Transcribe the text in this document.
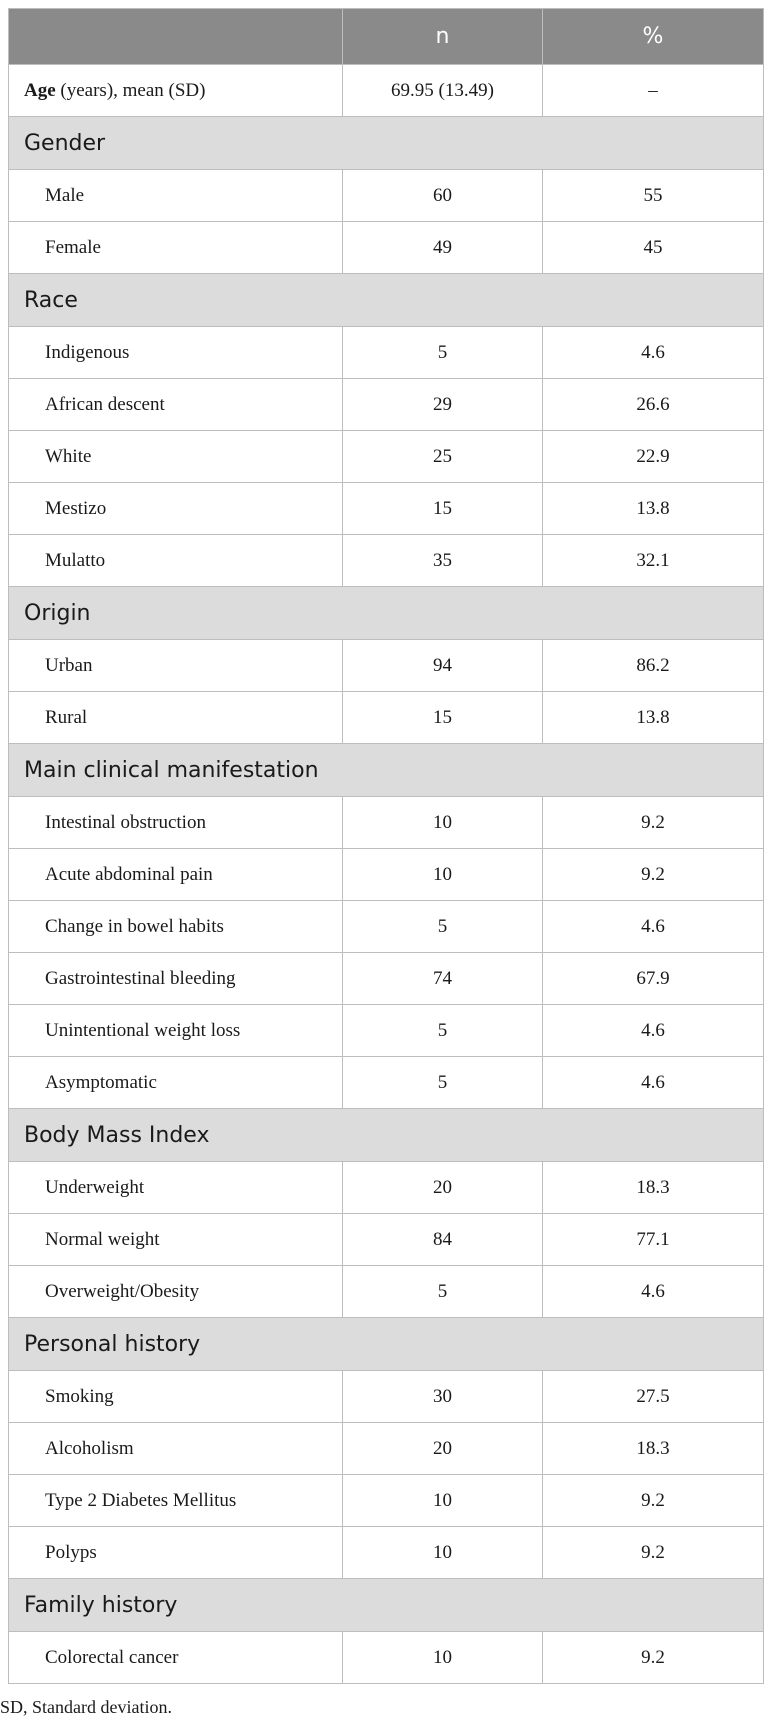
	n	%
Age (years), mean (SD)	69.95 (13.49)	–
Gender		
Male	60	55
Female	49	45
Race		
Indigenous	5	4.6
African descent	29	26.6
White	25	22.9
Mestizo	15	13.8
Mulatto	35	32.1
Origin		
Urban	94	86.2
Rural	15	13.8
Main clinical manifestation		
Intestinal obstruction	10	9.2
Acute abdominal pain	10	9.2
Change in bowel habits	5	4.6
Gastrointestinal bleeding	74	67.9
Unintentional weight loss	5	4.6
Asymptomatic	5	4.6
Body Mass Index		
Underweight	20	18.3
Normal weight	84	77.1
Overweight/Obesity	5	4.6
Personal history		
Smoking	30	27.5
Alcoholism	20	18.3
Type 2 Diabetes Mellitus	10	9.2
Polyps	10	9.2
Family history		
Colorectal cancer	10	9.2
SD, Standard deviation.
